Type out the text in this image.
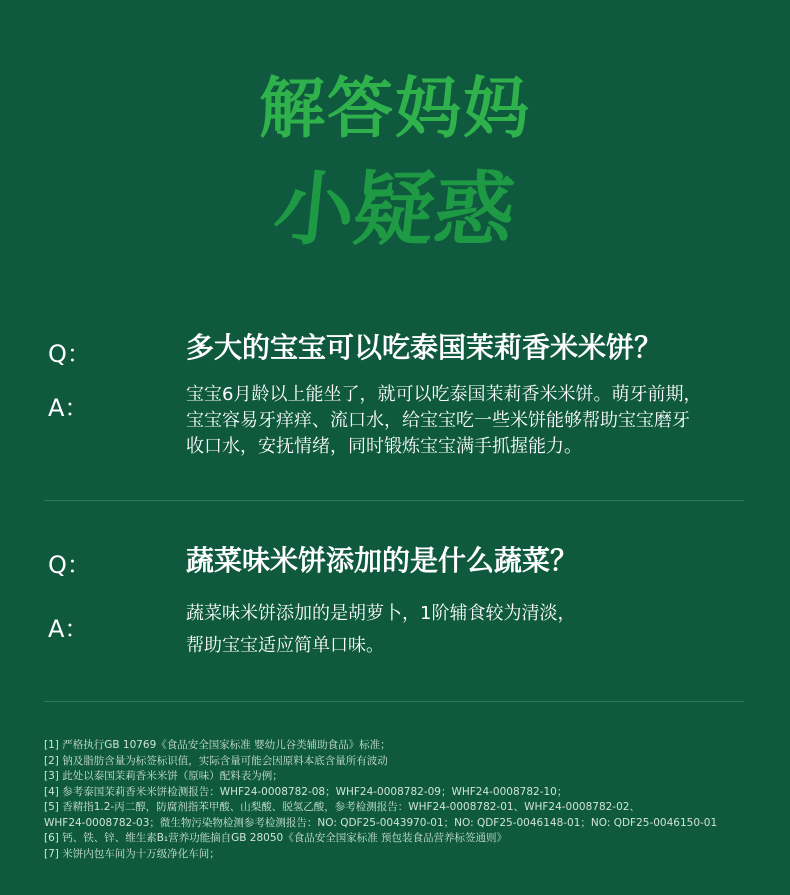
解答妈妈
小疑惑
Q：	多大的宝宝可以吃泰国茉莉香米米饼？
A：	宝宝6月龄以上能坐了，就可以吃泰国茉莉香米米饼。萌牙前期，
宝宝容易牙痒痒、流口水，给宝宝吃一些米饼能够帮助宝宝磨牙
收口水，安抚情绪，同时锻炼宝宝满手抓握能力。
Q：	蔬菜味米饼添加的是什么蔬菜？
A：
蔬菜味米饼添加的是胡萝卜，1阶辅食较为清淡，
帮助宝宝适应简单口味。
[1] 严格执行GB 10769《食品安全国家标准 婴幼儿谷类辅助食品》标准；
[2] 钠及脂肪含量为标签标识值，实际含量可能会因原料本底含量所有波动
[3] 此处以泰国茉莉香米米饼（原味）配料表为例；
[4] 参考泰国茉莉香米米饼检测报告：WHF24-0008782-08；WHF24-0008782-09；WHF24-0008782-10；
[5] 香精指1.2-丙二醇，防腐剂指苯甲酸、山梨酸、脱氢乙酸，参考检测报告：WHF24-0008782-01、WHF24-0008782-02、
WHF24-0008782-03；微生物污染物检测参考检测报告：NO: QDF25-0043970-01；NO: QDF25-0046148-01；NO: QDF25-0046150-01
[6] 钙、铁、锌、维生素B₁营养功能摘自GB 28050《食品安全国家标准 预包装食品营养标签通则》
[7] 米饼内包车间为十万级净化车间；
